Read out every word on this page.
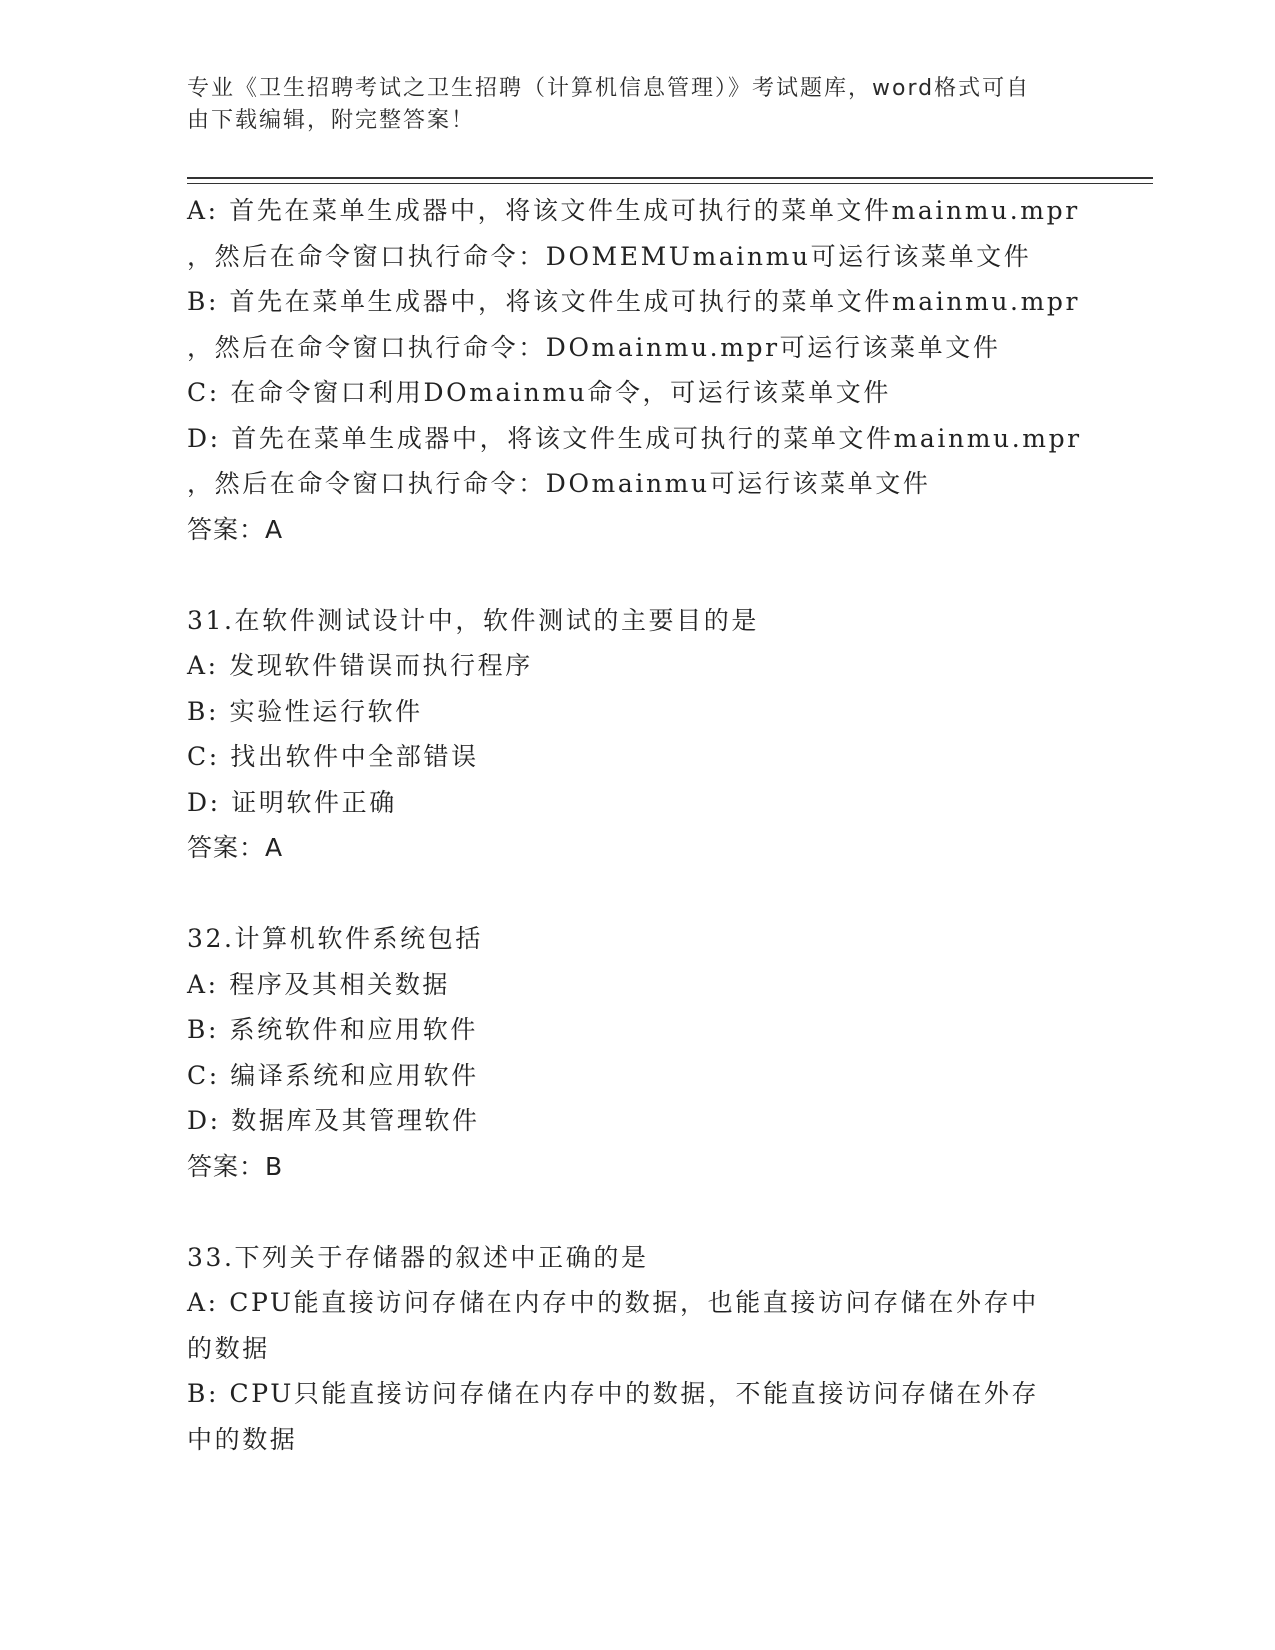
专业《卫生招聘考试之卫生招聘（计算机信息管理）》考试题库，word格式可自
由下载编辑，附完整答案！
A: 首先在菜单生成器中，将该文件生成可执行的菜单文件mainmu.mpr
，然后在命令窗口执行命令：DOMEMUmainmu可运行该菜单文件
B: 首先在菜单生成器中，将该文件生成可执行的菜单文件mainmu.mpr
，然后在命令窗口执行命令：DOmainmu.mpr可运行该菜单文件
C: 在命令窗口利用DOmainmu命令，可运行该菜单文件
D: 首先在菜单生成器中，将该文件生成可执行的菜单文件mainmu.mpr
，然后在命令窗口执行命令：DOmainmu可运行该菜单文件
答案：A
31.在软件测试设计中，软件测试的主要目的是
A: 发现软件错误而执行程序
B: 实验性运行软件
C: 找出软件中全部错误
D: 证明软件正确
答案：A
32.计算机软件系统包括
A: 程序及其相关数据
B: 系统软件和应用软件
C: 编译系统和应用软件
D: 数据库及其管理软件
答案：B
33.下列关于存储器的叙述中正确的是
A: CPU能直接访问存储在内存中的数据，也能直接访问存储在外存中
的数据
B: CPU只能直接访问存储在内存中的数据，不能直接访问存储在外存
中的数据
